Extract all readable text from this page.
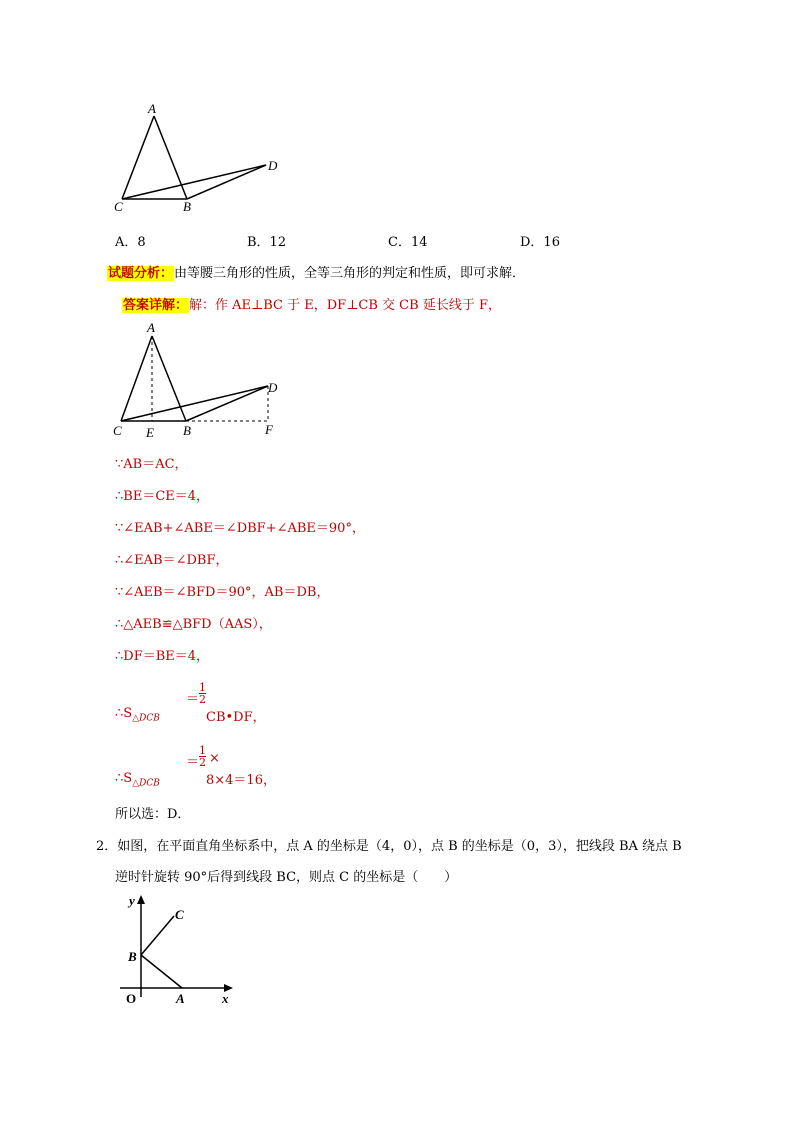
A
C	B
D
A．8	B．12	C．14	D．16
试题分析：由等腰三角形的性质，全等三角形的判定和性质，即可求解．
答案详解：解：作 AE⊥BC 于 E，DF⊥CB 交 CB 延长线于 F，
A
C E B	F
D
∵AB＝AC，
∴BE＝CE＝4，
∵∠EAB+∠ABE＝∠DBF+∠ABE＝90°，
∴∠EAB＝∠DBF，
∵∠AEB＝∠BFD＝90°，AB＝DB，
∴△AEB≌△BFD（AAS），
∴DF＝BE＝4，
$\therefore S_{\triangle DCB}$
＝
1
2
CB•DF，
$\therefore S_{\triangle DCB}$
＝
1
2 ×
8×4＝16，
所以选：D．
2．如图，在平面直角坐标系中，点 A 的坐标是（4，0），点 B 的坐标是（0，3），把线段 BA 绕点 B
逆时针旋转 90°后得到线段 BC，则点 C 的坐标是（　　）
y
x
O	A
B
C
